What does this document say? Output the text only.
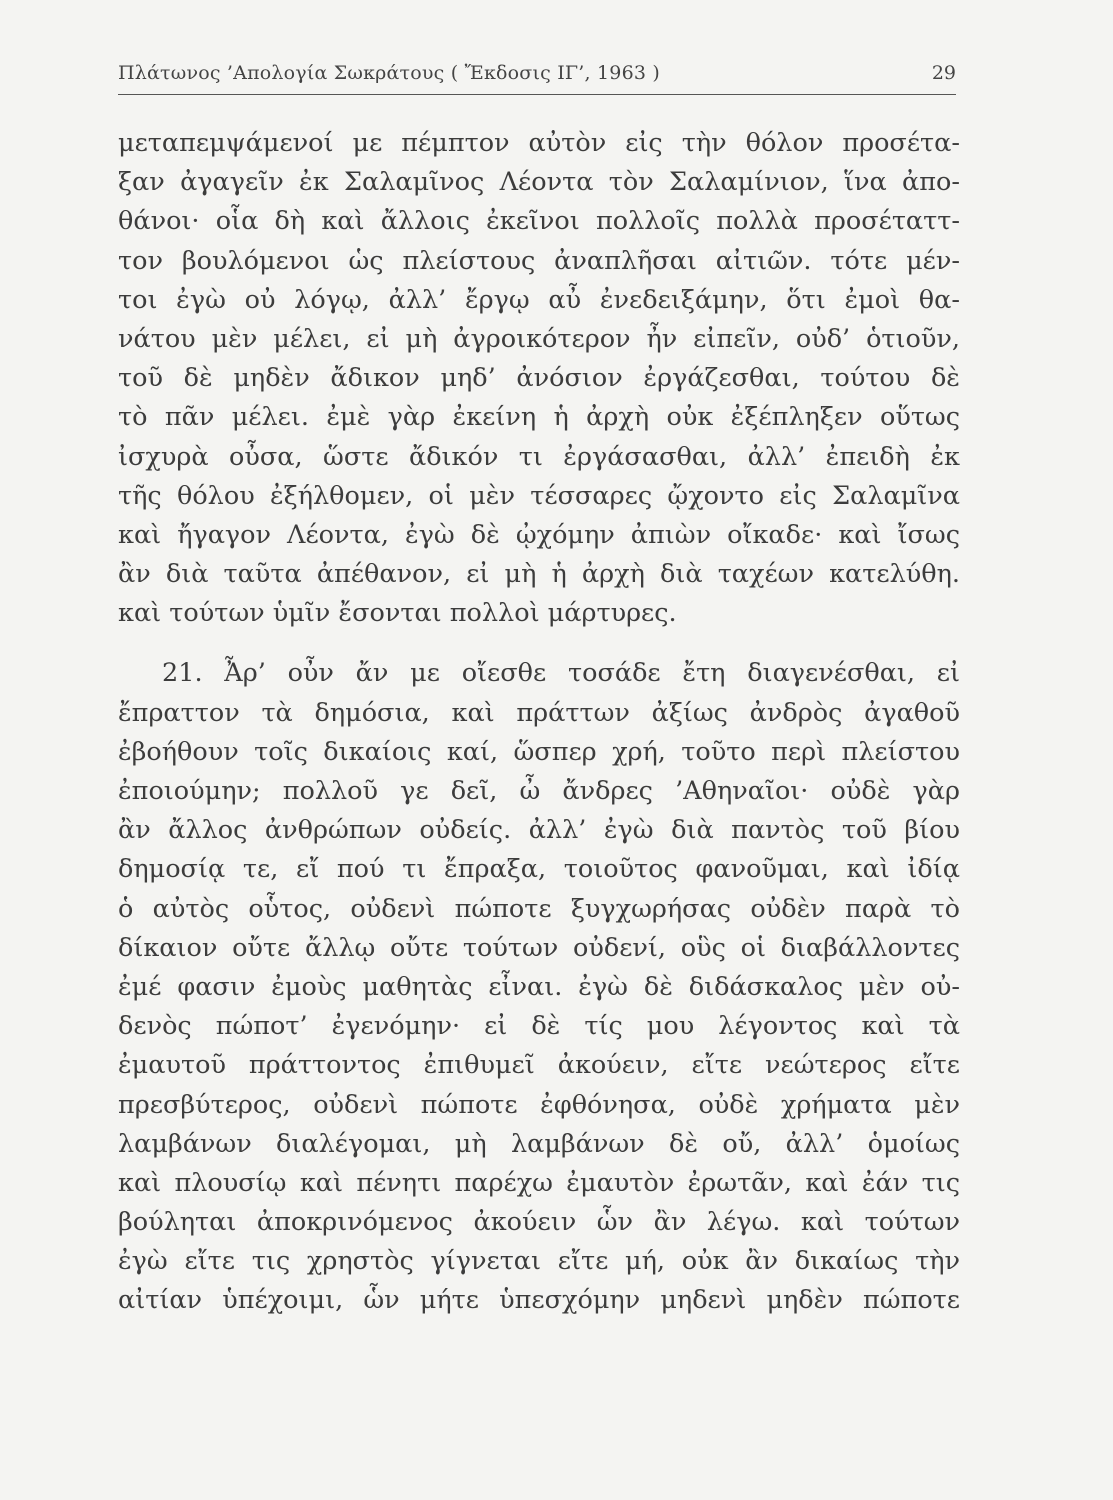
Πλάτωνος ’Απολογία Σωκράτους ( Ἔκδοσις ΙΓ’, 1963 )	29
μεταπεμψάμενοί με πέμπτον αὐτὸν εἰς τὴν θόλον προσέτα-
ξαν ἀγαγεῖν ἐκ Σαλαμῖνος Λέοντα τὸν Σαλαμίνιον, ἵνα ἀπο-
θάνοι· οἷα δὴ καὶ ἄλλοις ἐκεῖνοι πολλοῖς πολλὰ προσέταττ-
τον βουλόμενοι ὡς πλείστους ἀναπλῆσαι αἰτιῶν. τότε μέν-
τοι ἐγὼ οὐ λόγῳ, ἀλλ’ ἔργῳ αὖ ἐνεδειξάμην, ὅτι ἐμοὶ θα-
νάτου μὲν μέλει, εἰ μὴ ἀγροικότερον ἦν εἰπεῖν, οὐδ’ ὁτιοῦν,
τοῦ δὲ μηδὲν ἄδικον μηδ’ ἀνόσιον ἐργάζεσθαι, τούτου δὲ
τὸ πᾶν μέλει. ἐμὲ γὰρ ἐκείνη ἡ ἀρχὴ οὐκ ἐξέπληξεν οὕτως
ἰσχυρὰ οὖσα, ὥστε ἄδικόν τι ἐργάσασθαι, ἀλλ’ ἐπειδὴ ἐκ
τῆς θόλου ἐξήλθομεν, οἱ μὲν τέσσαρες ᾤχοντο εἰς Σαλαμῖνα
καὶ ἤγαγον Λέοντα, ἐγὼ δὲ ᾠχόμην ἀπιὼν οἴκαδε· καὶ ἴσως
ἂν διὰ ταῦτα ἀπέθανον, εἰ μὴ ἡ ἀρχὴ διὰ ταχέων κατελύθη.
καὶ τούτων ὑμῖν ἔσονται πολλοὶ μάρτυρες.
21. Ἆρ’ οὖν ἄν με οἴεσθε τοσάδε ἔτη διαγενέσθαι, εἰ
ἔπραττον τὰ δημόσια, καὶ πράττων ἀξίως ἀνδρὸς ἀγαθοῦ
ἐβοήθουν τοῖς δικαίοις καί, ὥσπερ χρή, τοῦτο περὶ πλείστου
ἐποιούμην; πολλοῦ γε δεῖ, ὦ ἄνδρες ’Αθηναῖοι· οὐδὲ γὰρ
ἂν ἄλλος ἀνθρώπων οὐδείς. ἀλλ’ ἐγὼ διὰ παντὸς τοῦ βίου
δημοσίᾳ τε, εἴ πού τι ἔπραξα, τοιοῦτος φανοῦμαι, καὶ ἰδίᾳ
ὁ αὐτὸς οὗτος, οὐδενὶ πώποτε ξυγχωρήσας οὐδὲν παρὰ τὸ
δίκαιον οὔτε ἄλλῳ οὔτε τούτων οὐδενί, οὓς οἱ διαβάλλοντες
ἐμέ φασιν ἐμοὺς μαθητὰς εἶναι. ἐγὼ δὲ διδάσκαλος μὲν οὐ-
δενὸς πώποτ’ ἐγενόμην· εἰ δὲ τίς μου λέγοντος καὶ τὰ
ἐμαυτοῦ πράττοντος ἐπιθυμεῖ ἀκούειν, εἴτε νεώτερος εἴτε
πρεσβύτερος, οὐδενὶ πώποτε ἐφθόνησα, οὐδὲ χρήματα μὲν
λαμβάνων διαλέγομαι, μὴ λαμβάνων δὲ οὔ, ἀλλ’ ὁμοίως
καὶ πλουσίῳ καὶ πένητι παρέχω ἐμαυτὸν ἐρωτᾶν, καὶ ἐάν τις
βούληται ἀποκρινόμενος ἀκούειν ὧν ἂν λέγω. καὶ τούτων
ἐγὼ εἴτε τις χρηστὸς γίγνεται εἴτε μή, οὐκ ἂν δικαίως τὴν
αἰτίαν ὑπέχοιμι, ὧν μήτε ὑπεσχόμην μηδενὶ μηδὲν πώποτε
